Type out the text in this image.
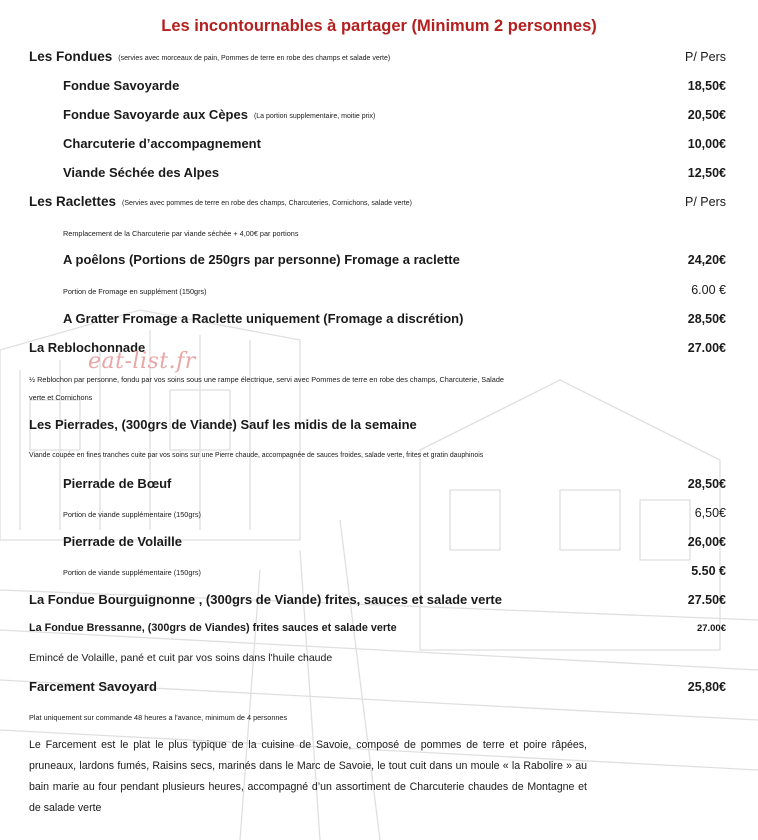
Les incontournables à partager (Minimum 2 personnes)
Les Fondues (servies avec morceaux de pain, Pommes de terre en robe des champs et salade verte)	P/ Pers
Fondue Savoyarde	18,50€
Fondue Savoyarde aux Cèpes (La portion supplementaire, moitie prix)	20,50€
Charcuterie d’accompagnement	10,00€
Viande Séchée des Alpes	12,50€
Les Raclettes (Servies avec pommes de terre en robe des champs, Charcuteries, Cornichons, salade verte)	P/ Pers
Remplacement de la Charcuterie par viande séchée + 4,00€ par portions
A poêlons (Portions de 250grs par personne) Fromage a raclette	24,20€
Portion de Fromage en supplément (150grs)	6.00 €
A Gratter Fromage a Raclette uniquement (Fromage a discrétion)	28,50€
La Reblochonnade	27.00€
eat-list.fr
½ Reblochon par personne, fondu par vos soins sous une rampe électrique, servi avec Pommes de terre en robe des champs, Charcuterie, Salade
verte et Cornichons
Les Pierrades, (300grs de Viande) Sauf les midis de la semaine
Viande coupée en fines tranches cuite par vos soins sur une Pierre chaude, accompagnée de sauces froides, salade verte, frites et gratin dauphinois
Pierrade de Bœuf	28,50€
Portion de viande supplémentaire (150grs)	6,50€
Pierrade de Volaille	26,00€
Portion de viande supplémentaire (150grs)	5.50 €
La Fondue Bourguignonne , (300grs de Viande) frites, sauces et salade verte	27.50€
La Fondue Bressanne, (300grs de Viandes) frites sauces et salade verte	27.00€
Emincé de Volaille, pané et cuit par vos soins dans l'huile chaude
Farcement Savoyard	25,80€
Plat uniquement sur commande 48 heures a l'avance, minimum de 4 personnes
Le Farcement est le plat le plus typique de la cuisine de Savoie, composé de pommes de terre et poire râpées, pruneaux, lardons fumés, Raisins secs, marinés dans le Marc de Savoie, le tout cuit dans un moule « la Rabolire » au bain marie au four pendant plusieurs heures, accompagné d’un assortiment de Charcuterie chaudes de Montagne et de salade verte
